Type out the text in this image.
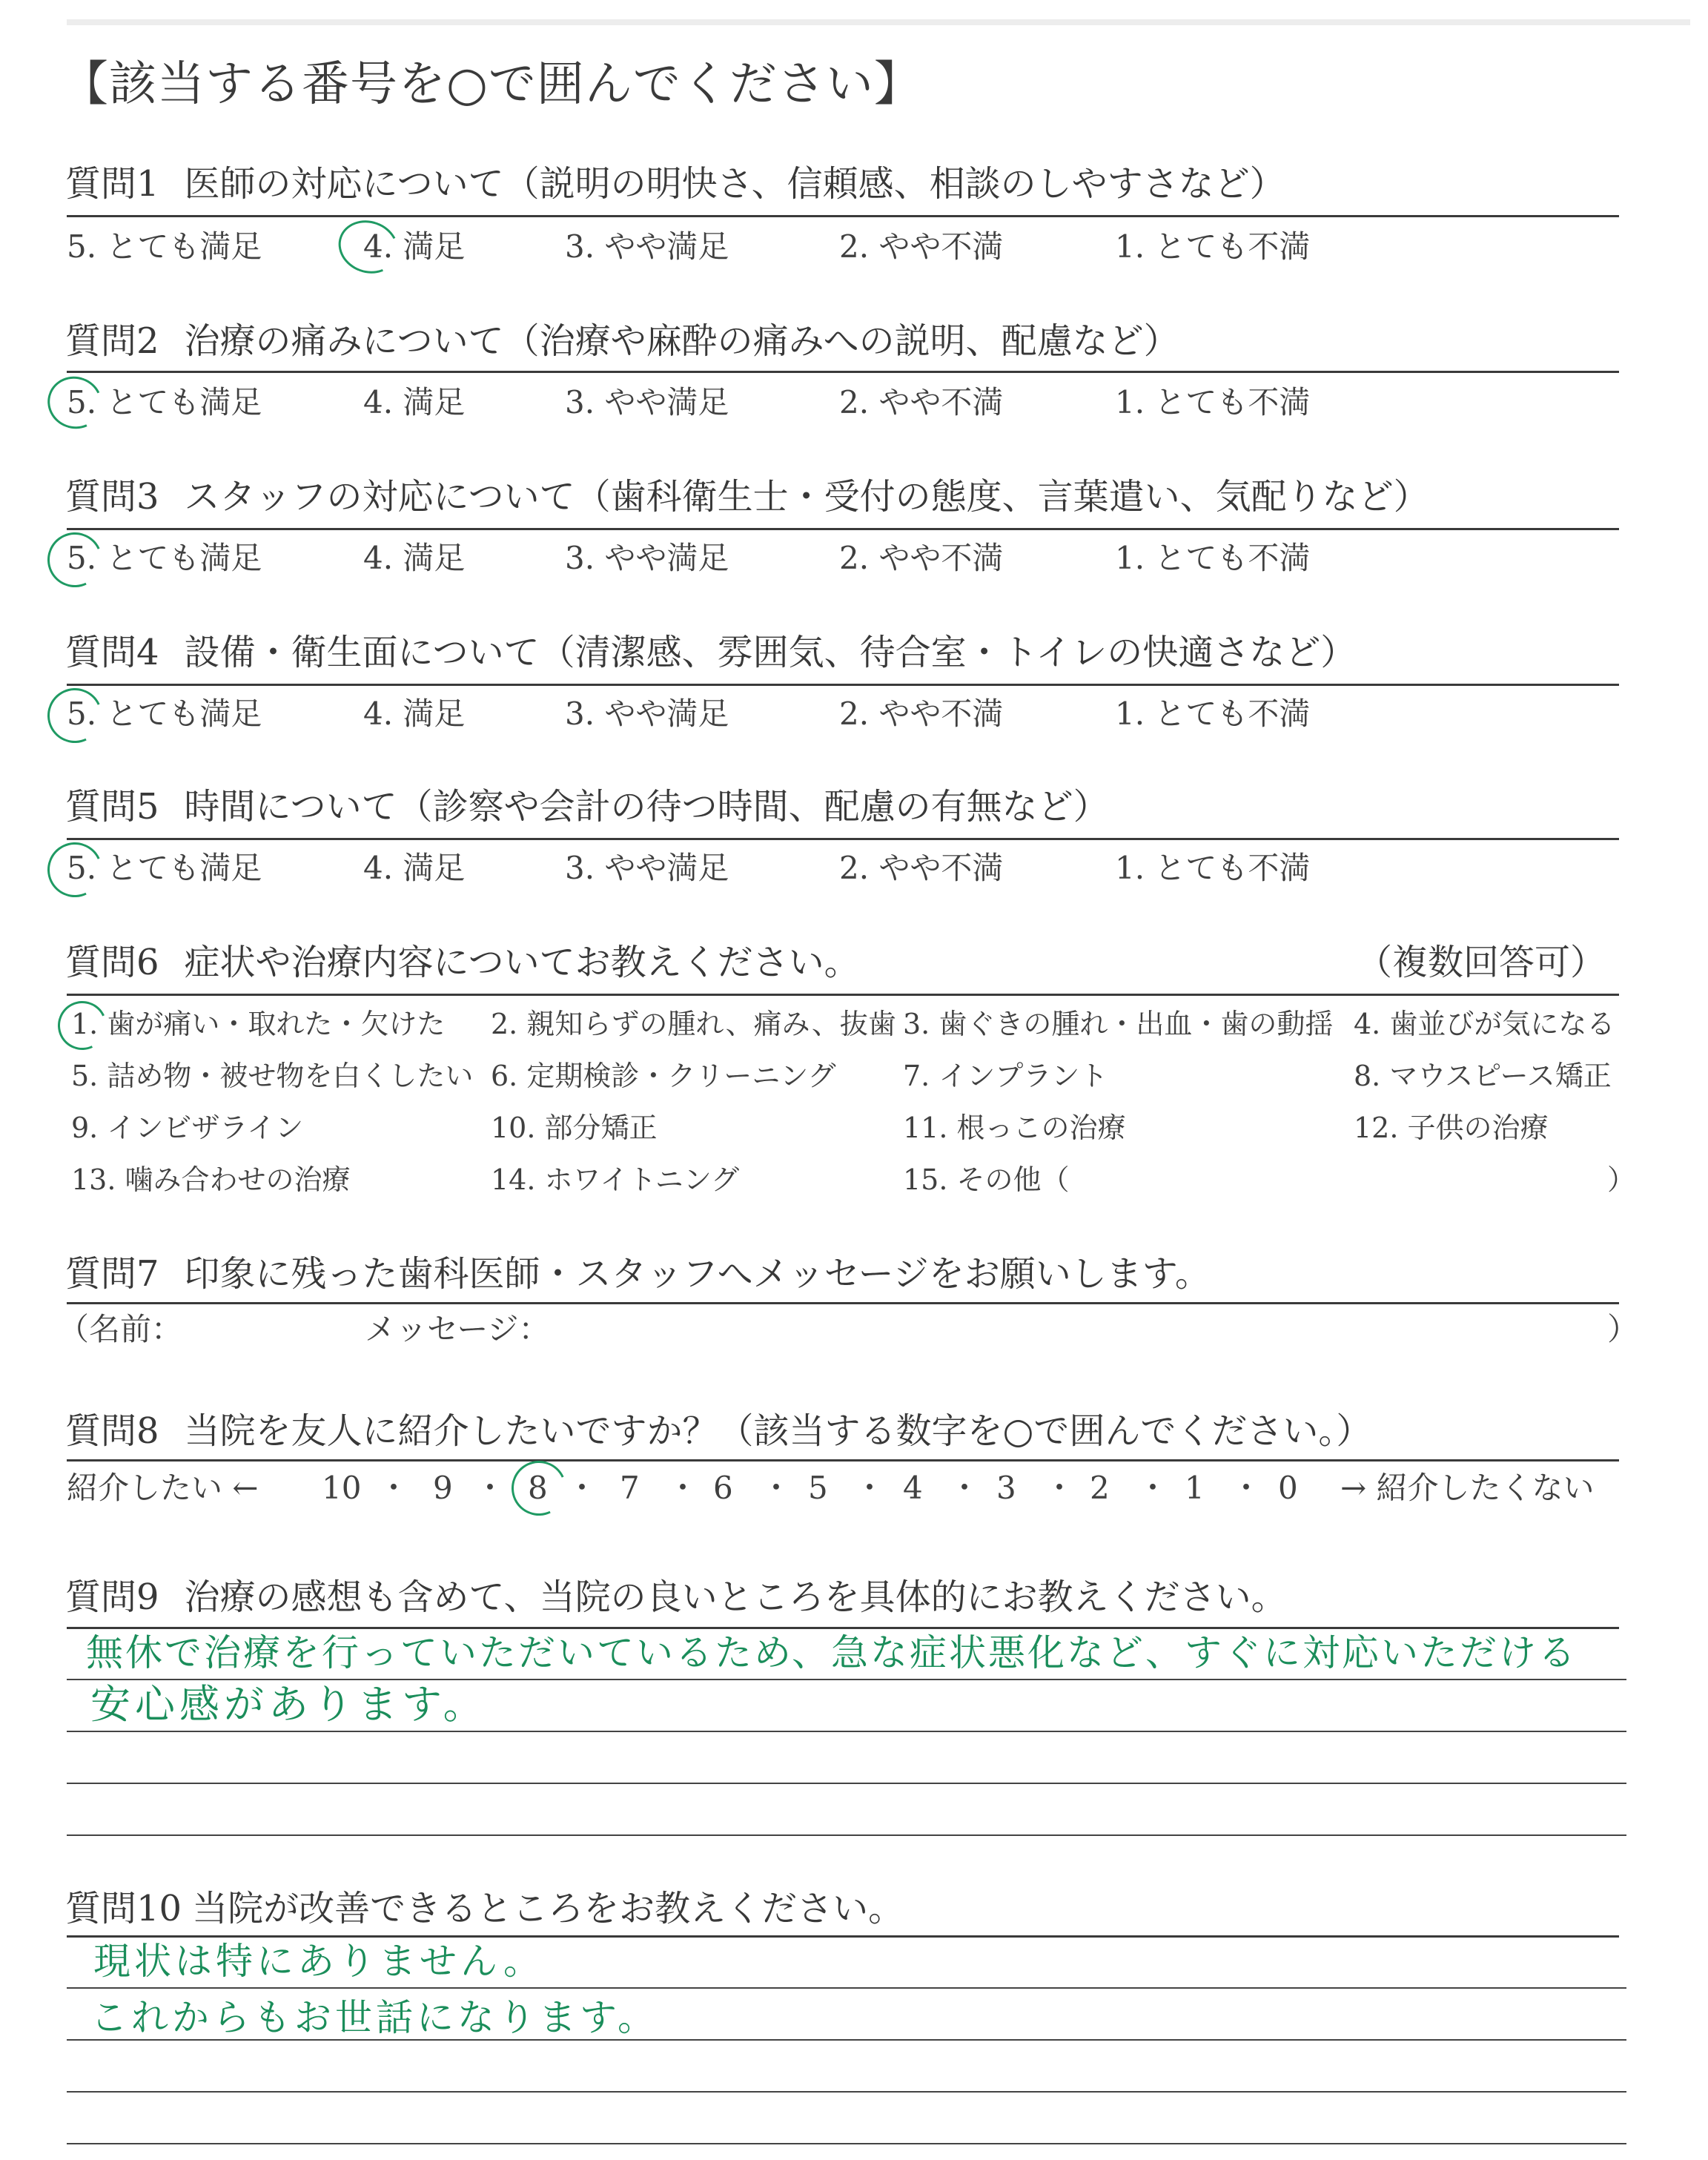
【該当する番号を○で囲んでください】
質問1 医師の対応について（説明の明快さ、信頼感、相談のしやすさなど）
5. とても満足	4. 満足	3. やや満足	2. やや不満	1. とても不満
質問2 治療の痛みについて（治療や麻酔の痛みへの説明、配慮など）
5. とても満足	4. 満足	3. やや満足	2. やや不満	1. とても不満
質問3 スタッフの対応について（歯科衛生士・受付の態度、言葉遣い、気配りなど）
5. とても満足	4. 満足	3. やや満足	2. やや不満	1. とても不満
質問4 設備・衛生面について（清潔感、雰囲気、待合室・トイレの快適さなど）
5. とても満足	4. 満足	3. やや満足	2. やや不満	1. とても不満
質問5 時間について（診察や会計の待つ時間、配慮の有無など）
5. とても満足	4. 満足	3. やや満足	2. やや不満	1. とても不満
質問6 症状や治療内容についてお教えください。	（複数回答可）
1. 歯が痛い・取れた・欠けた 2. 親知らずの腫れ、痛み、抜歯 3. 歯ぐきの腫れ・出血・歯の動揺 4. 歯並びが気になる
5. 詰め物・被せ物を白くしたい 6. 定期検診・クリーニング 7. インプラント	8. マウスピース矯正
9. インビザライン	10. 部分矯正	11. 根っこの治療	12. 子供の治療
13. 噛み合わせの治療	14. ホワイトニング	15. その他（	）
質問7 印象に残った歯科医師・スタッフへメッセージをお願いします。
（名前：	メッセージ：	）
質問8 当院を友人に紹介したいですか？（該当する数字を○で囲んでください。）
紹介したい ← 10 ・ 9 ・ 8 ・ 7 ・ 6 ・ 5 ・ 4 ・ 3 ・ 2 ・ 1 ・ 0 → 紹介したくない
質問9 治療の感想も含めて、当院の良いところを具体的にお教えください。
無休で治療を行っていただいているため、急な症状悪化など、すぐに対応いただける
安心感があります。
質問10 当院が改善できるところをお教えください。
現状は特にありません。
これからもお世話になります。
